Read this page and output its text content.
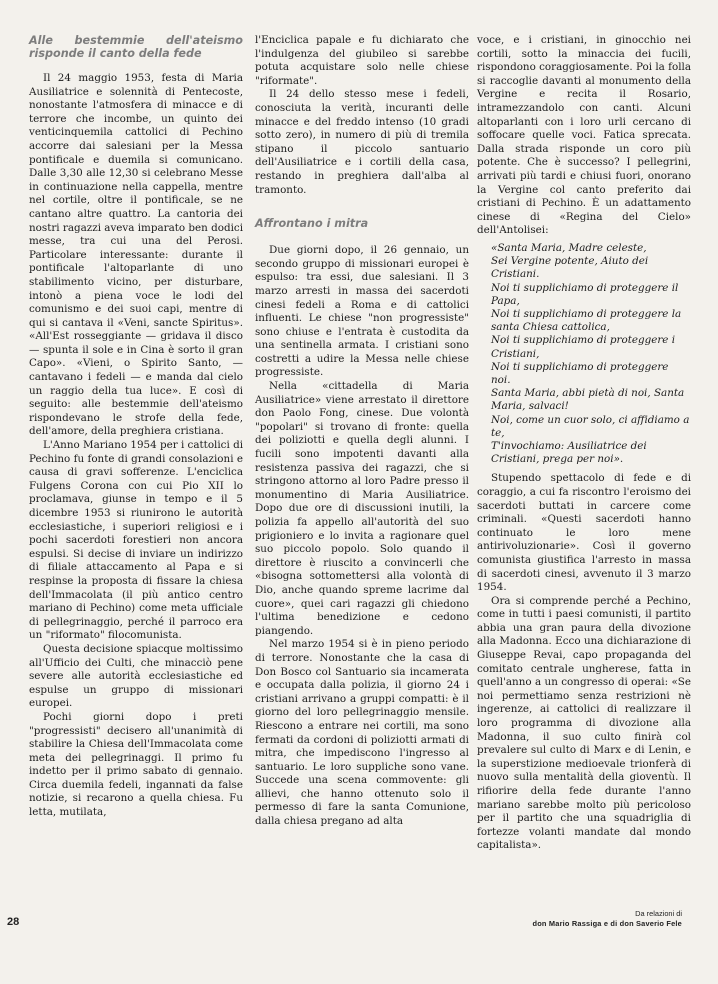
Alle bestemmie dell'ateismo risponde il canto della fede

Il 24 maggio 1953, festa di Maria Ausiliatrice e solennità di Pentecoste, nonostante l'atmosfera di minacce e di terrore che incombe, un quinto dei venticinquemila cattolici di Pechino accorre dai salesiani per la Messa pontificale e duemila si comunicano. Dalle 3,30 alle 12,30 si celebrano Messe in continuazione nella cappella, mentre nel cortile, oltre il pontificale, se ne cantano altre quattro. La cantoria dei nostri ragazzi aveva imparato ben dodici messe, tra cui una del Perosi. Particolare interessante: durante il pontificale l'altoparlante di uno stabilimento vicino, per disturbare, intonò a piena voce le lodi del comunismo e dei suoi capi, mentre di qui si cantava il «Veni, sancte Spiritus». «All'Est rosseggiante — gridava il disco — spunta il sole e in Cina è sorto il gran Capo». «Vieni, o Spirito Santo, — cantavano i fedeli — e manda dal cielo un raggio della tua luce». E così di seguito: alle bestemmie dell'ateismo rispondevano le strofe della fede, dell'amore, della preghiera cristiana.

L'Anno Mariano 1954 per i cattolici di Pechino fu fonte di grandi consolazioni e causa di gravi sofferenze. L'enciclica Fulgens Corona con cui Pio XII lo proclamava, giunse in tempo e il 5 dicembre 1953 si riunirono le autorità ecclesiastiche, i superiori religiosi e i pochi sacerdoti forestieri non ancora espulsi. Si decise di inviare un indirizzo di filiale attaccamento al Papa e si respinse la proposta di fissare la chiesa dell'Immacolata (il più antico centro mariano di Pechino) come meta ufficiale di pellegrinaggio, perché il parroco era un "riformato" filocomunista.

Questa decisione spiacque moltissimo all'Ufficio dei Culti, che minacciò pene severe alle autorità ecclesiastiche ed espulse un gruppo di missionari europei.

Pochi giorni dopo i preti "progressisti" decisero all'unanimità di stabilire la Chiesa dell'Immacolata come meta dei pellegrinaggi. Il primo fu indetto per il primo sabato di gennaio. Circa duemila fedeli, ingannati da false notizie, si recarono a quella chiesa. Fu letta, mutilata,

l'Enciclica papale e fu dichiarato che l'indulgenza del giubileo si sarebbe potuta acquistare solo nelle chiese "riformate".

Il 24 dello stesso mese i fedeli, conosciuta la verità, incuranti delle minacce e del freddo intenso (10 gradi sotto zero), in numero di più di tremila stipano il piccolo santuario dell'Ausiliatrice e i cortili della casa, restando in preghiera dall'alba al tramonto.

Affrontano i mitra

Due giorni dopo, il 26 gennaio, un secondo gruppo di missionari europei è espulso: tra essi, due salesiani. Il 3 marzo arresti in massa dei sacerdoti cinesi fedeli a Roma e di cattolici influenti. Le chiese "non progressiste" sono chiuse e l'entrata è custodita da una sentinella armata. I cristiani sono costretti a udire la Messa nelle chiese progressiste.

Nella «cittadella di Maria Ausiliatrice» viene arrestato il direttore don Paolo Fong, cinese. Due volontà "popolari" si trovano di fronte: quella dei poliziotti e quella degli alunni. I fucili sono impotenti davanti alla resistenza passiva dei ragazzi, che si stringono attorno al loro Padre presso il monumentino di Maria Ausiliatrice. Dopo due ore di discussioni inutili, la polizia fa appello all'autorità del suo prigioniero e lo invita a ragionare quel suo piccolo popolo. Solo quando il direttore è riuscito a convincerli che «bisogna sottomettersi alla volontà di Dio, anche quando spreme lacrime dal cuore», quei cari ragazzi gli chiedono l'ultima benedizione e cedono piangendo.

Nel marzo 1954 si è in pieno periodo di terrore. Nonostante che la casa di Don Bosco col Santuario sia incamerata e occupata dalla polizia, il giorno 24 i cristiani arrivano a gruppi compatti: è il giorno del loro pellegrinaggio mensile. Riescono a entrare nei cortili, ma sono fermati da cordoni di poliziotti armati di mitra, che impediscono l'ingresso al santuario. Le loro suppliche sono vane. Succede una scena commovente: gli allievi, che hanno ottenuto solo il permesso di fare la santa Comunione, dalla chiesa pregano ad alta

voce, e i cristiani, in ginocchio nei cortili, sotto la minaccia dei fucili, rispondono coraggiosamente. Poi la folla si raccoglie davanti al monumento della Vergine e recita il Rosario, intramezzandolo con canti. Alcuni altoparlanti con i loro urli cercano di soffocare quelle voci. Fatica sprecata. Dalla strada risponde un coro più potente. Che è successo? I pellegrini, arrivati più tardi e chiusi fuori, onorano la Vergine col canto preferito dai cristiani di Pechino. È un adattamento cinese di «Regina del Cielo» dell'Antolisei:

«Santa Maria, Madre celeste,
Sei Vergine potente, Aiuto dei Cristiani.
Noi ti supplichiamo di proteggere il Papa,
Noi ti supplichiamo di proteggere la santa Chiesa cattolica,
Noi ti supplichiamo di proteggere i Cristiani,
Noi ti supplichiamo di proteggere noi.
Santa Maria, abbi pietà di noi, Santa Maria, salvaci!
Noi, come un cuor solo, ci affidiamo a te,
T'invochiamo: Ausiliatrice dei Cristiani, prega per noi».

Stupendo spettacolo di fede e di coraggio, a cui fa riscontro l'eroismo dei sacerdoti buttati in carcere come criminali. «Questi sacerdoti hanno continuato le loro mene antirivoluzionarie». Così il governo comunista giustifica l'arresto in massa di sacerdoti cinesi, avvenuto il 3 marzo 1954.

Ora si comprende perché a Pechino, come in tutti i paesi comunisti, il partito abbia una gran paura della divozione alla Madonna. Ecco una dichiarazione di Giuseppe Revai, capo propaganda del comitato centrale ungherese, fatta in quell'anno a un congresso di operai: «Se noi permettiamo senza restrizioni nè ingerenze, ai cattolici di realizzare il loro programma di divozione alla Madonna, il suo culto finirà col prevalere sul culto di Marx e di Lenin, e la superstizione medioevale trionferà di nuovo sulla mentalità della gioventù. Il rifiorire della fede durante l'anno mariano sarebbe molto più pericoloso per il partito che una squadriglia di fortezze volanti mandate dal mondo capitalista».

28
Da relazioni di
don Mario Rassiga e di don Saverio Fele
